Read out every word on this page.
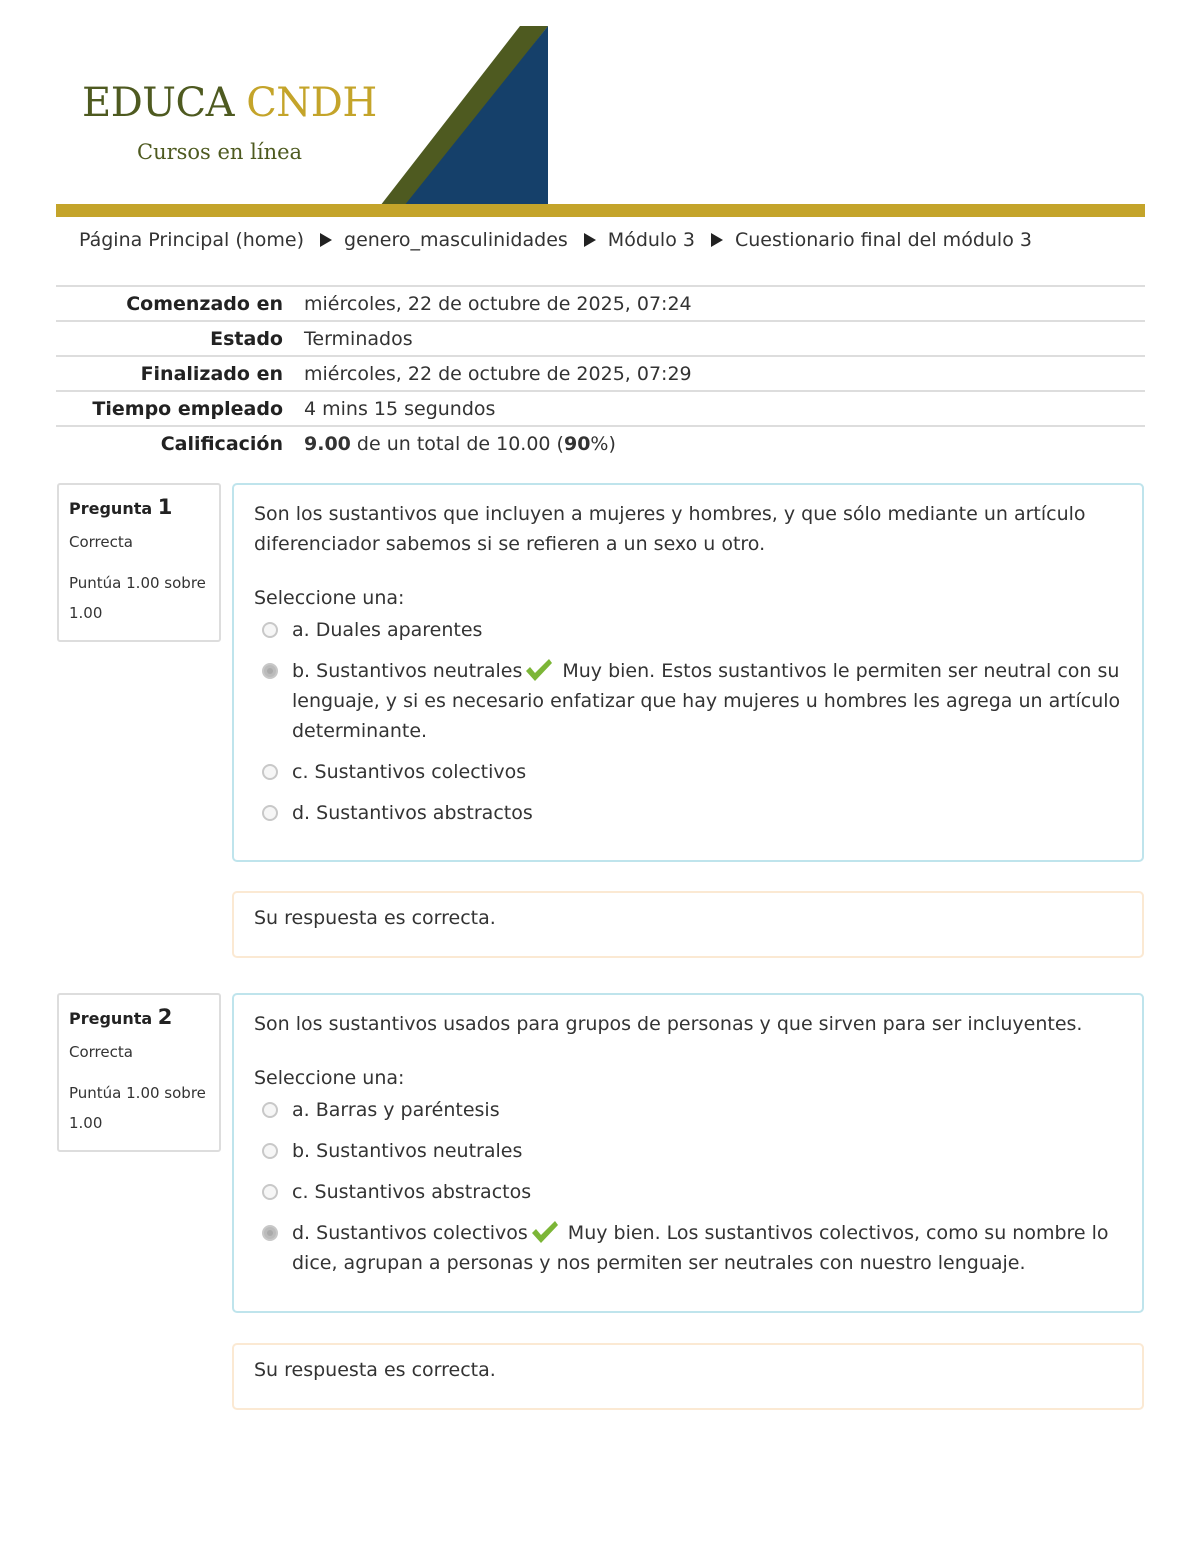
EDUCA CNDH
Cursos en línea
Página Principal (home) genero_masculinidades Módulo 3 Cuestionario final del módulo 3
Comenzado en	miércoles, 22 de octubre de 2025, 07:24
Estado	Terminados
Finalizado en	miércoles, 22 de octubre de 2025, 07:29
Tiempo empleado	4 mins 15 segundos
Calificación	9.00 de un total de 10.00 (90%)
Pregunta 1
Correcta
Puntúa 1.00 sobre 1.00
Son los sustantivos que incluyen a mujeres y hombres, y que sólo mediante un artículo diferenciador sabemos si se refieren a un sexo u otro.
Seleccione una:
a. Duales aparentes
b. Sustantivos neutrales Muy bien. Estos sustantivos le permiten ser neutral con su lenguaje, y si es necesario enfatizar que hay mujeres u hombres les agrega un artículo determinante.
c. Sustantivos colectivos
d. Sustantivos abstractos
Su respuesta es correcta.
Pregunta 2
Correcta
Puntúa 1.00 sobre 1.00
Son los sustantivos usados para grupos de personas y que sirven para ser incluyentes.
Seleccione una:
a. Barras y paréntesis
b. Sustantivos neutrales
c. Sustantivos abstractos
d. Sustantivos colectivos Muy bien. Los sustantivos colectivos, como su nombre lo dice, agrupan a personas y nos permiten ser neutrales con nuestro lenguaje.
Su respuesta es correcta.
